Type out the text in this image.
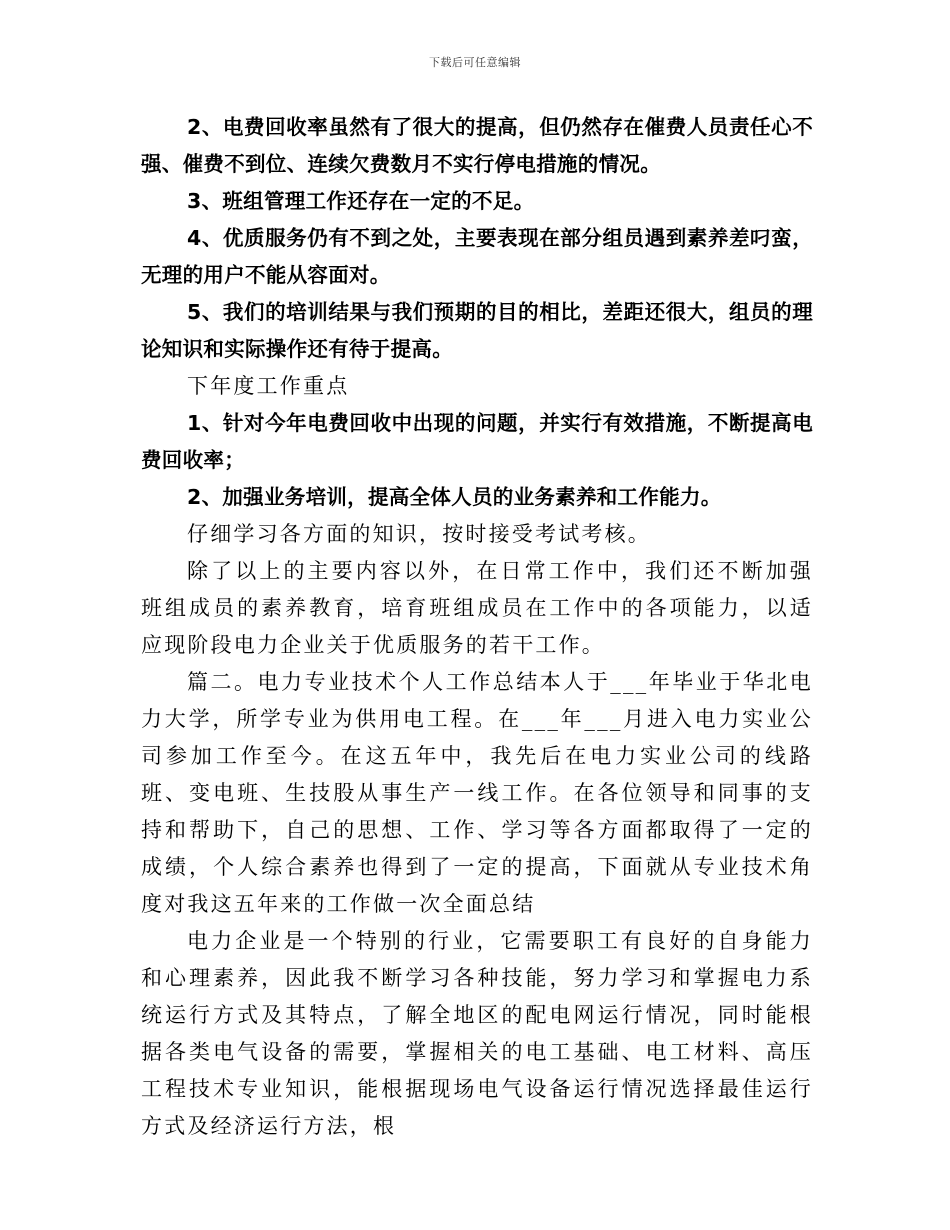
下载后可任意编辑

2、电费回收率虽然有了很大的提高，但仍然存在催费人员责任心不强、催费不到位、连续欠费数月不实行停电措施的情况。

3、班组管理工作还存在一定的不足。

4、优质服务仍有不到之处，主要表现在部分组员遇到素养差叼蛮，无理的用户不能从容面对。

5、我们的培训结果与我们预期的目的相比，差距还很大，组员的理论知识和实际操作还有待于提高。

下年度工作重点

1、针对今年电费回收中出现的问题，并实行有效措施，不断提高电费回收率；

2、加强业务培训，提高全体人员的业务素养和工作能力。

仔细学习各方面的知识，按时接受考试考核。

除了以上的主要内容以外，在日常工作中，我们还不断加强班组成员的素养教育，培育班组成员在工作中的各项能力，以适应现阶段电力企业关于优质服务的若干工作。

篇二。电力专业技术个人工作总结本人于___年毕业于华北电力大学，所学专业为供用电工程。在___年___月进入电力实业公司参加工作至今。在这五年中，我先后在电力实业公司的线路班、变电班、生技股从事生产一线工作。在各位领导和同事的支持和帮助下，自己的思想、工作、学习等各方面都取得了一定的成绩，个人综合素养也得到了一定的提高，下面就从专业技术角度对我这五年来的工作做一次全面总结

电力企业是一个特别的行业，它需要职工有良好的自身能力和心理素养，因此我不断学习各种技能，努力学习和掌握电力系统运行方式及其特点，了解全地区的配电网运行情况，同时能根据各类电气设备的需要，掌握相关的电工基础、电工材料、高压工程技术专业知识，能根据现场电气设备运行情况选择最佳运行方式及经济运行方法，根
